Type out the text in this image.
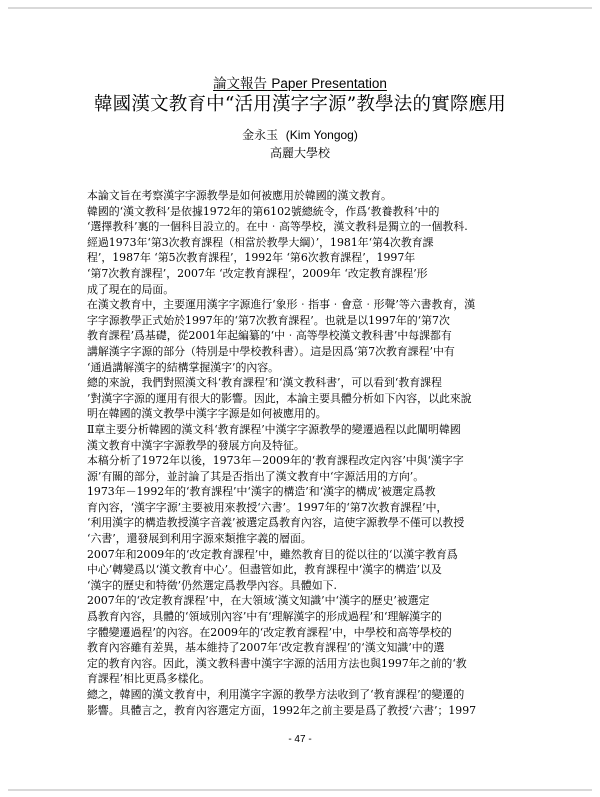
論文報告 Paper Presentation
韓國漢文教育中“活用漢字字源”教學法的實際應用
金永玉 (Kim Yongog)
高麗大學校
本論文旨在考察漢字字源教學是如何被應用於韓國的漢文教育。
韓國的‘漢文教科’是依據1972年的第6102號總統令，作爲‘教養教科’中的
‘選擇教科’裏的一個科目設立的。在中‧高等學校，漢文教科是獨立的一個教科.
經過1973年‘第3次教育課程（相當於教學大綱）’，1981年‘第4次教育課
程’，1987年 ‘第5次教育課程’，1992年 ‘第6次教育課程’，1997年
‘第7次教育課程’，2007年 ‘改定教育課程’，2009年 ‘改定教育課程’形
成了現在的局面。
在漢文教育中，主要運用漢字字源進行‘象形‧指事‧會意‧形聲’等六書教育，漢
字字源教學正式始於1997年的‘第7次教育課程’。也就是以1997年的‘第7次
教育課程’爲基礎，從2001年起編纂的‘中‧高等學校漢文教科書’中每課都有
講解漢字字源的部分（特別是中學校教科書）。這是因爲‘第7次教育課程’中有
‘通過講解漢字的結構掌握漢字’的內容。
總的來說，我們對照漢文科‘教育課程’和‘漢文教科書’，可以看到‘教育課程
’對漢字字源的運用有很大的影響。因此，本論主要具體分析如下內容，以此來說
明在韓國的漢文教學中漢字字源是如何被應用的。
Ⅱ章主要分析韓國的漢文科‘教育課程’中漢字字源教學的變遷過程以此闡明韓國
漢文教育中漢字字源教學的發展方向及特征。
本稿分析了1972年以後，1973年－2009年的‘教育課程改定內容’中與‘漢字字
源’有關的部分，並討論了其是否指出了漢文教育中‘字源活用的方向’。
1973年－1992年的‘教育課程’中‘漢字的構造’和‘漢字的構成’被選定爲教
育內容，‘漢字字源’主要被用來教授‘六書’。1997年的‘第7次教育課程’中，
‘利用漢字的構造教授漢字音義’被選定爲教育內容，這使字源教學不僅可以教授
‘六書’，還發展到利用字源來類推字義的層面。
2007年和2009年的‘改定教育課程’中，雖然教育目的從以往的‘以漢字教育爲
中心’轉變爲以‘漢文教育中心’。但盡管如此，教育課程中‘漢字的構造’以及
‘漢字的歷史和特徵’仍然選定爲教學內容。具體如下.
2007年的‘改定教育課程’中，在大領域‘漢文知識’中‘漢字的歷史’被選定
爲教育內容，具體的‘領域別內容’中有‘理解漢字的形成過程’和‘理解漢字的
字體變遷過程’的內容。在2009年的‘改定教育課程’中，中學校和高等學校的
教育內容雖有差異，基本維持了2007年‘改定教育課程’的‘漢文知識’中的選
定的教育內容。因此，漢文教科書中漢字字源的活用方法也與1997年之前的‘教
育課程’相比更爲多樣化。
總之，韓國的漢文教育中，利用漢字字源的教學方法收到了‘教育課程’的變遷的
影響。具體言之，教育內容選定方面，1992年之前主要是爲了教授‘六書’；1997
- 47 -
